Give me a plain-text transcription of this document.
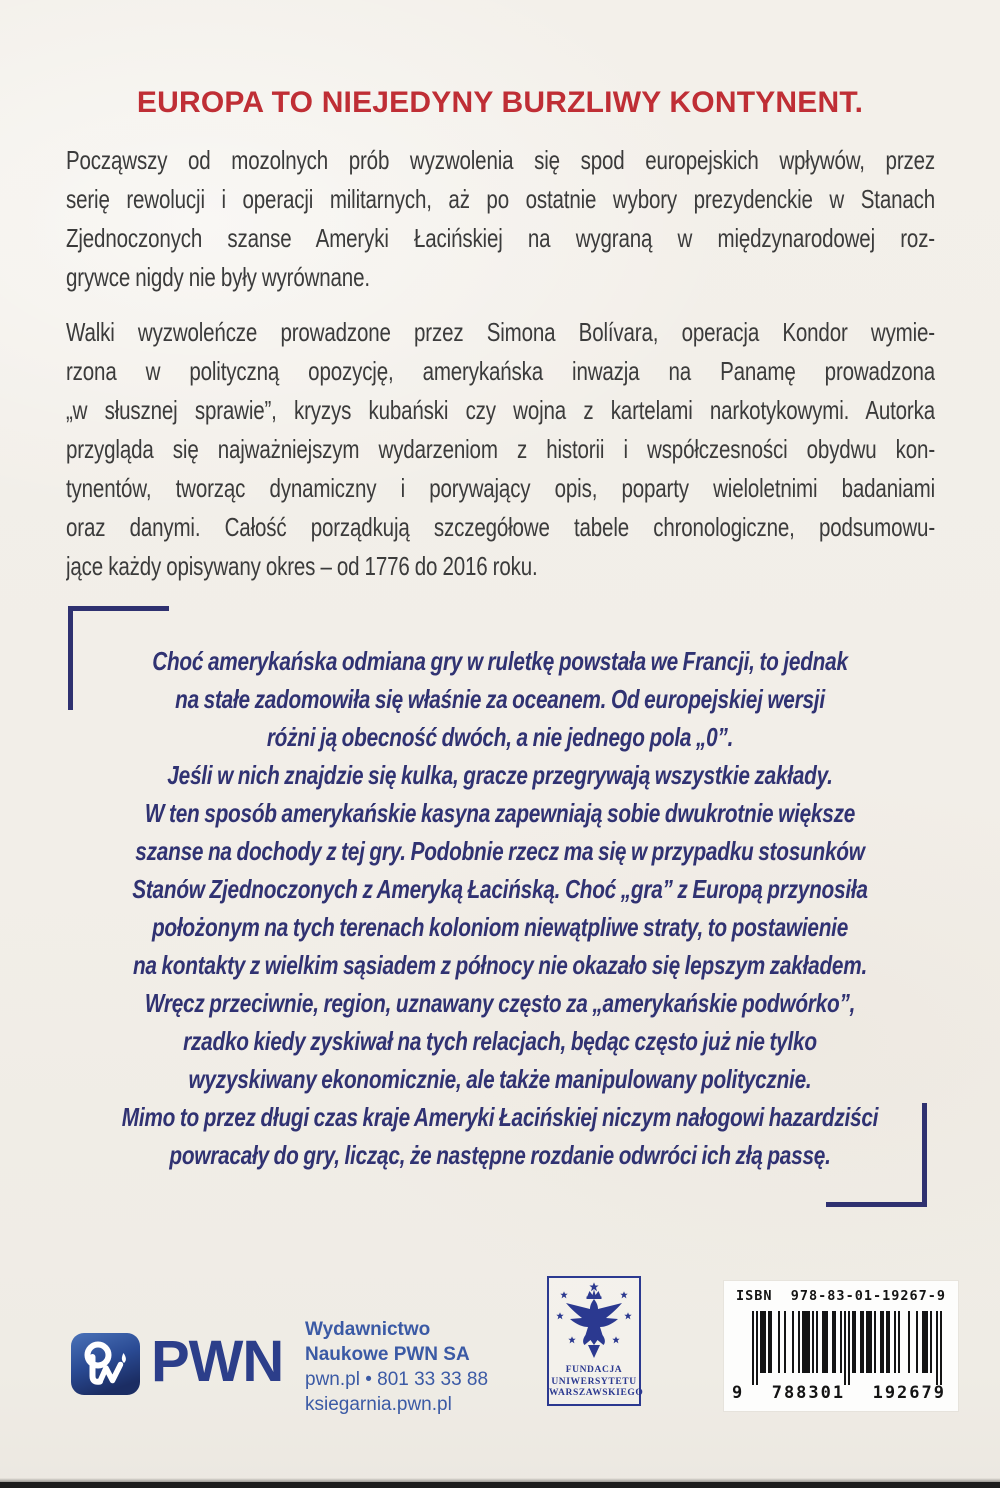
EUROPA TO NIEJEDYNY BURZLIWY KONTYNENT.
Począwszy od mozolnych prób wyzwolenia się spod europejskich wpływów, przez
serię rewolucji i operacji militarnych, aż po ostatnie wybory prezydenckie w Stanach
Zjednoczonych szanse Ameryki Łacińskiej na wygraną w międzynarodowej roz-
grywce nigdy nie były wyrównane.
Walki wyzwoleńcze prowadzone przez Simona Bolívara, operacja Kondor wymie-
rzona w polityczną opozycję, amerykańska inwazja na Panamę prowadzona
„w słusznej sprawie”, kryzys kubański czy wojna z kartelami narkotykowymi. Autorka
przygląda się najważniejszym wydarzeniom z historii i współczesności obydwu kon-
tynentów, tworząc dynamiczny i porywający opis, poparty wieloletnimi badaniami
oraz danymi. Całość porządkują szczegółowe tabele chronologiczne, podsumowu-
jące każdy opisywany okres – od 1776 do 2016 roku.
Choć amerykańska odmiana gry w ruletkę powstała we Francji, to jednak
na stałe zadomowiła się właśnie za oceanem. Od europejskiej wersji
różni ją obecność dwóch, a nie jednego pola „0”.
Jeśli w nich znajdzie się kulka, gracze przegrywają wszystkie zakłady.
W ten sposób amerykańskie kasyna zapewniają sobie dwukrotnie większe
szanse na dochody z tej gry. Podobnie rzecz ma się w przypadku stosunków
Stanów Zjednoczonych z Ameryką Łacińską. Choć „gra” z Europą przynosiła
położonym na tych terenach koloniom niewątpliwe straty, to postawienie
na kontakty z wielkim sąsiadem z północy nie okazało się lepszym zakładem.
Wręcz przeciwnie, region, uznawany często za „amerykańskie podwórko”,
rzadko kiedy zyskiwał na tych relacjach, będąc często już nie tylko
wyzyskiwany ekonomicznie, ale także manipulowany politycznie.
Mimo to przez długi czas kraje Ameryki Łacińskiej niczym nałogowi hazardziści
powracały do gry, licząc, że następne rozdanie odwróci ich złą passę.
PWN Wydawnictwo
Naukowe PWN SA
pwn.pl • 801 33 33 88
ksiegarnia.pwn.pl
FUNDACJA
UNIWERSYTETU
WARSZAWSKIEGO
ISBN 978-83-01-19267-9
9 788301 192679
